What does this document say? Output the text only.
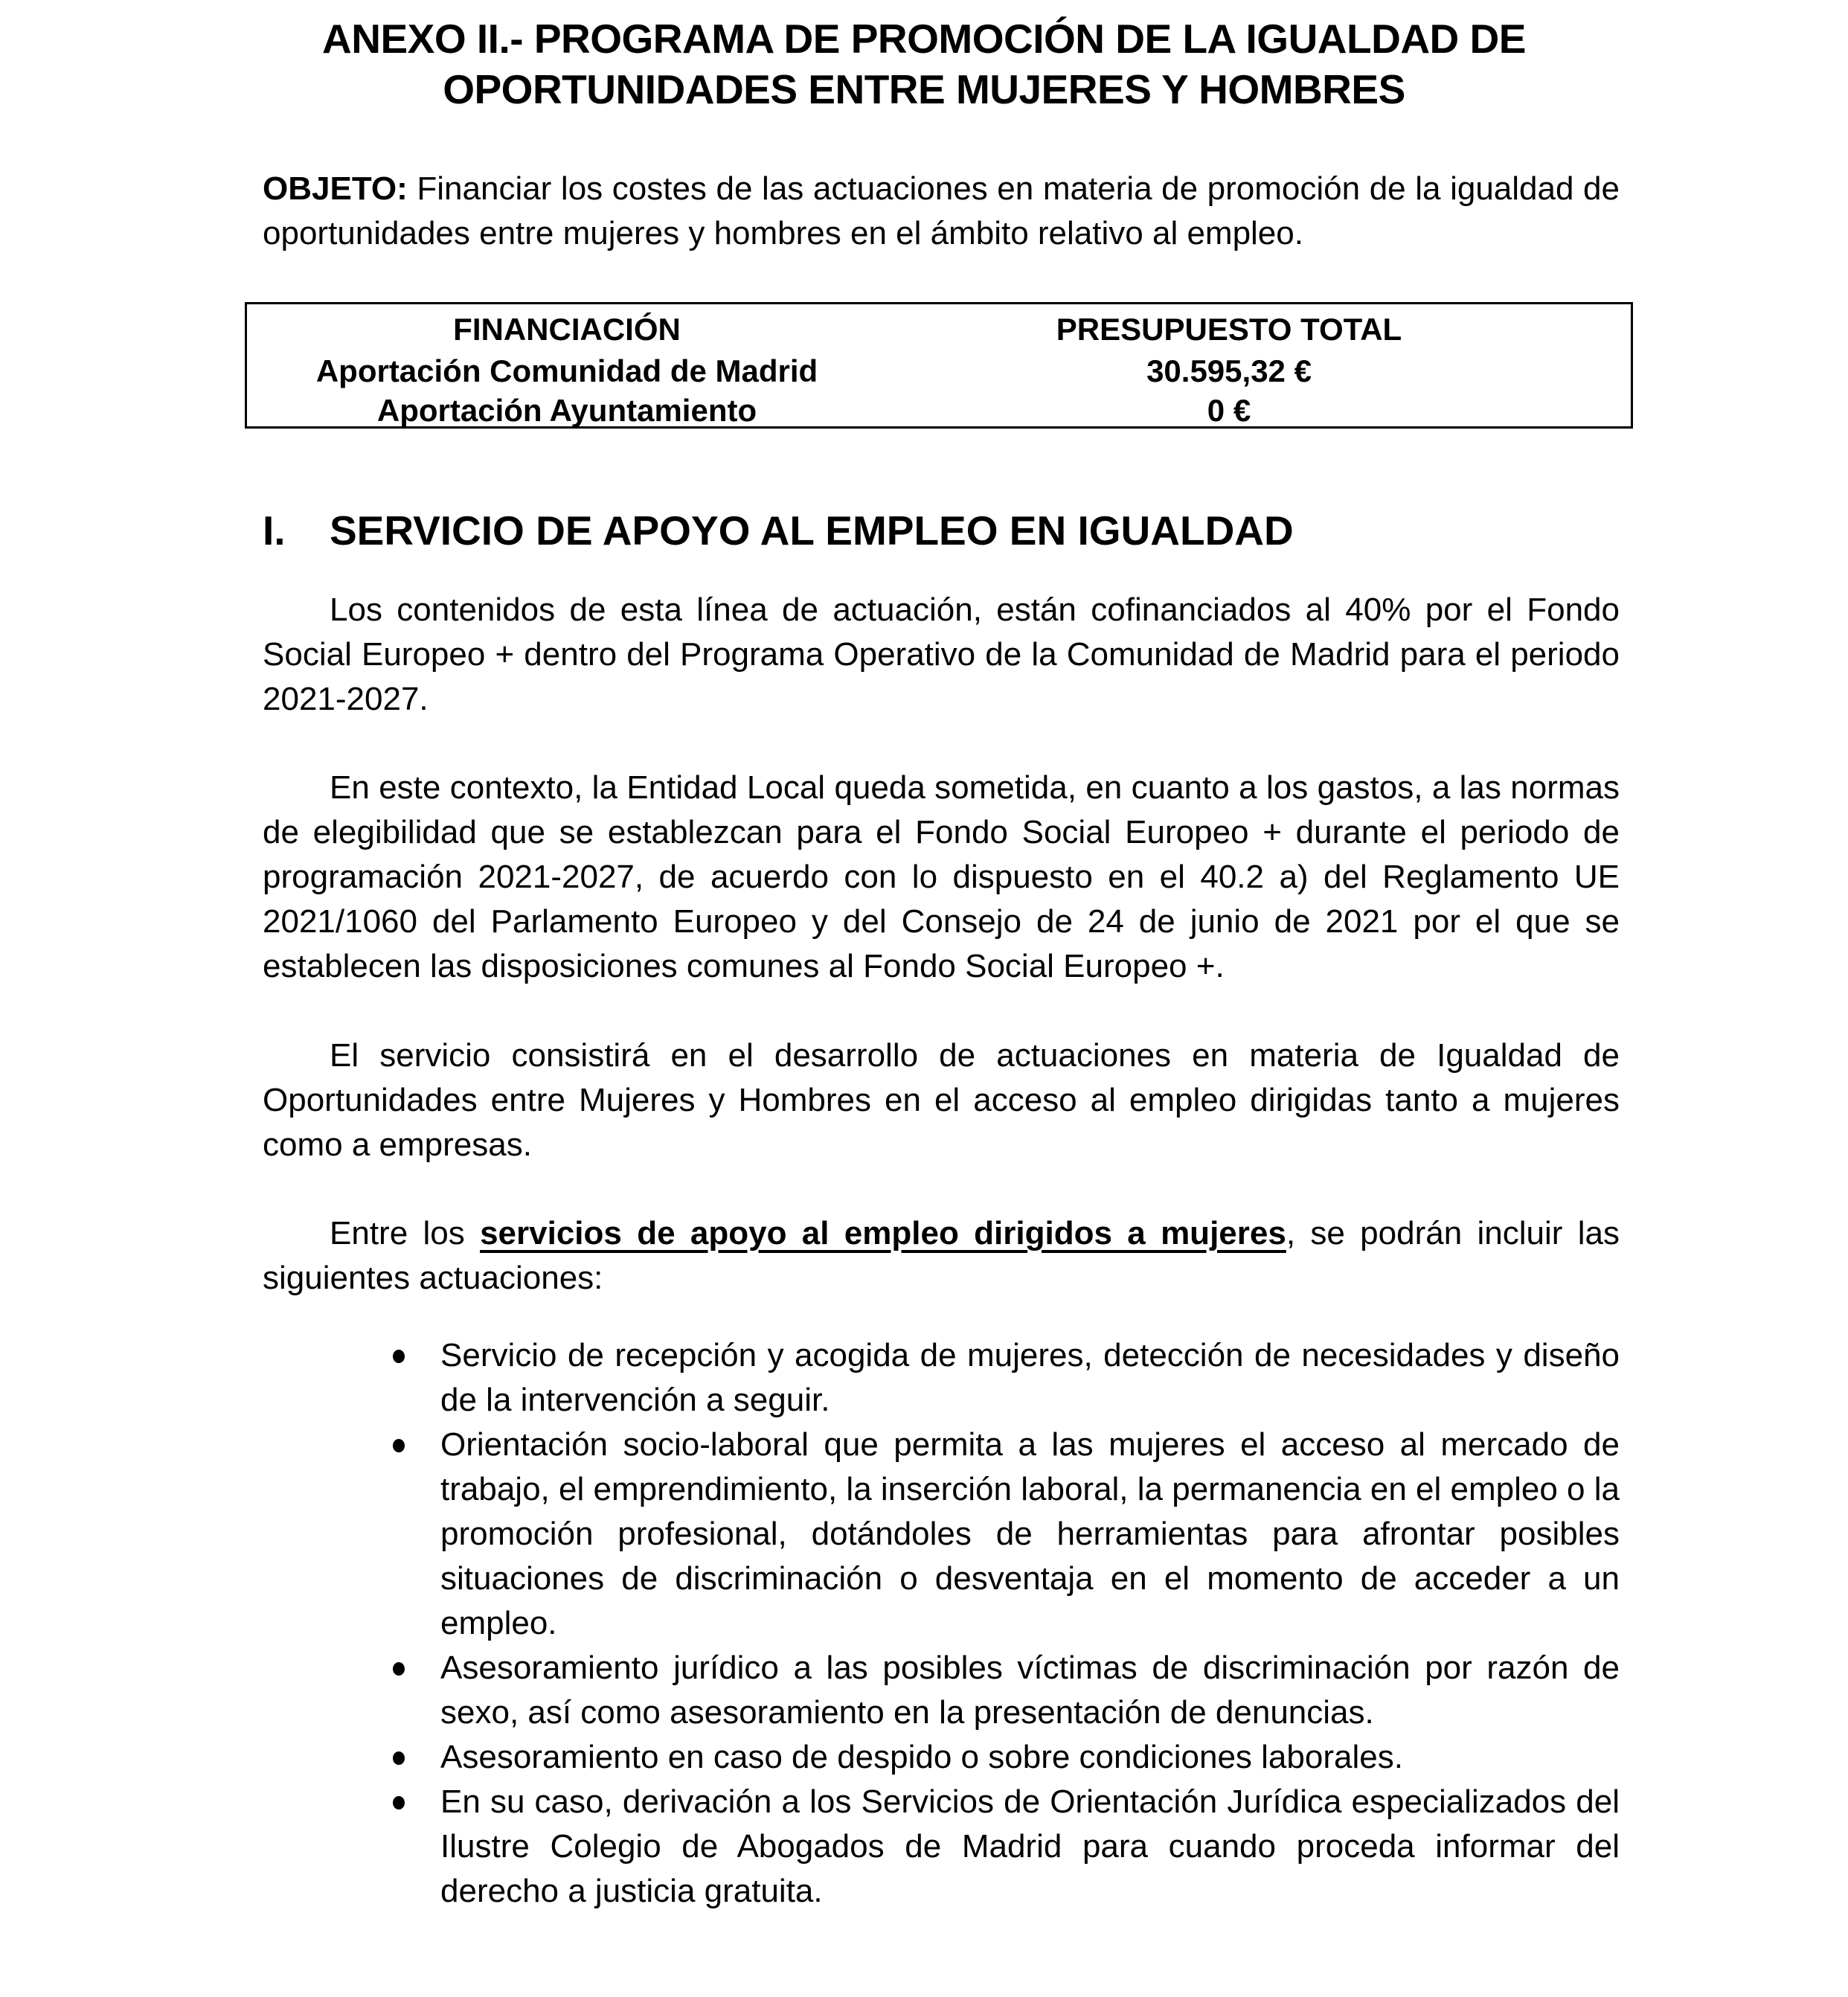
ANEXO II.- PROGRAMA DE PROMOCIÓN DE LA IGUALDAD DE
OPORTUNIDADES ENTRE MUJERES Y HOMBRES

OBJETO: Financiar los costes de las actuaciones en materia de promoción de la igualdad de oportunidades entre mujeres y hombres en el ámbito relativo al empleo.

FINANCIACIÓN	PRESUPUESTO TOTAL
Aportación Comunidad de Madrid	30.595,32 €
Aportación Ayuntamiento	0 €
I. SERVICIO DE APOYO AL EMPLEO EN IGUALDAD

Los contenidos de esta línea de actuación, están cofinanciados al 40% por el Fondo Social Europeo + dentro del Programa Operativo de la Comunidad de Madrid para el periodo 2021-2027.

En este contexto, la Entidad Local queda sometida, en cuanto a los gastos, a las normas de elegibilidad que se establezcan para el Fondo Social Europeo + durante el periodo de programación 2021-2027, de acuerdo con lo dispuesto en el 40.2 a) del Reglamento UE 2021/1060 del Parlamento Europeo y del Consejo de 24 de junio de 2021 por el que se establecen las disposiciones comunes al Fondo Social Europeo +.

El servicio consistirá en el desarrollo de actuaciones en materia de Igualdad de Oportunidades entre Mujeres y Hombres en el acceso al empleo dirigidas tanto a mujeres como a empresas.

Entre los servicios de apoyo al empleo dirigidos a mujeres, se podrán incluir las siguientes actuaciones:

Servicio de recepción y acogida de mujeres, detección de necesidades y diseño de la intervención a seguir.
Orientación socio-laboral que permita a las mujeres el acceso al mercado de trabajo, el emprendimiento, la inserción laboral, la permanencia en el empleo o la promoción profesional, dotándoles de herramientas para afrontar posibles situaciones de discriminación o desventaja en el momento de acceder a un empleo.
Asesoramiento jurídico a las posibles víctimas de discriminación por razón de sexo, así como asesoramiento en la presentación de denuncias.
Asesoramiento en caso de despido o sobre condiciones laborales.
En su caso, derivación a los Servicios de Orientación Jurídica especializados del Ilustre Colegio de Abogados de Madrid para cuando proceda informar del derecho a justicia gratuita.
